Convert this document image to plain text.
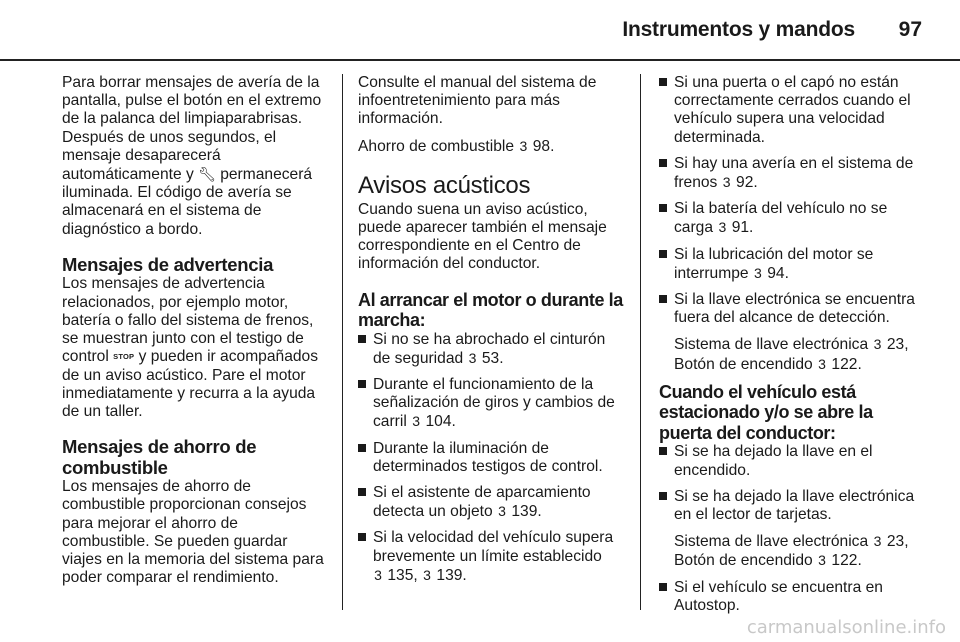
Instrumentos y mandos 97

Para borrar mensajes de avería de la pantalla, pulse el botón en el extremo de la palanca del limpiaparabrisas. Después de unos segundos, el mensaje desaparecerá automáticamente y 🔧︎ permanecerá iluminada. El código de avería se almacenará en el sistema de diagnóstico a bordo.

Mensajes de advertencia

Los mensajes de advertencia relacionados, por ejemplo motor, batería o fallo del sistema de frenos, se muestran junto con el testigo de control STOP y pueden ir acompañados de un aviso acústico. Pare el motor inmediatamente y recurra a la ayuda de un taller.

Mensajes de ahorro de combustible

Los mensajes de ahorro de combustible proporcionan consejos para mejorar el ahorro de combustible. Se pueden guardar viajes en la memoria del sistema para poder comparar el rendimiento.

Consulte el manual del sistema de infoentretenimiento para más información.

Ahorro de combustible 3 98.

Avisos acústicos

Cuando suena un aviso acústico, puede aparecer también el mensaje correspondiente en el Centro de información del conductor.

Al arrancar el motor o durante la marcha:
Si no se ha abrochado el cinturón de seguridad 3 53.
Durante el funcionamiento de la señalización de giros y cambios de carril 3 104.
Durante la iluminación de determinados testigos de control.
Si el asistente de aparcamiento detecta un objeto 3 139.
Si la velocidad del vehículo supera brevemente un límite establecido
3 135, 3 139.
Si una puerta o el capó no están correctamente cerrados cuando el vehículo supera una velocidad determinada.
Si hay una avería en el sistema de frenos 3 92.
Si la batería del vehículo no se carga 3 91.
Si la lubricación del motor se interrumpe 3 94.
Si la llave electrónica se encuentra fuera del alcance de detección.

Sistema de llave electrónica 3 23,
Botón de encendido 3 122.

Cuando el vehículo está estacionado y/o se abre la puerta del conductor:
Si se ha dejado la llave en el encendido.
Si se ha dejado la llave electrónica en el lector de tarjetas.

Sistema de llave electrónica 3 23,
Botón de encendido 3 122.

Si el vehículo se encuentra en Autostop.
carmanualsonline.info
